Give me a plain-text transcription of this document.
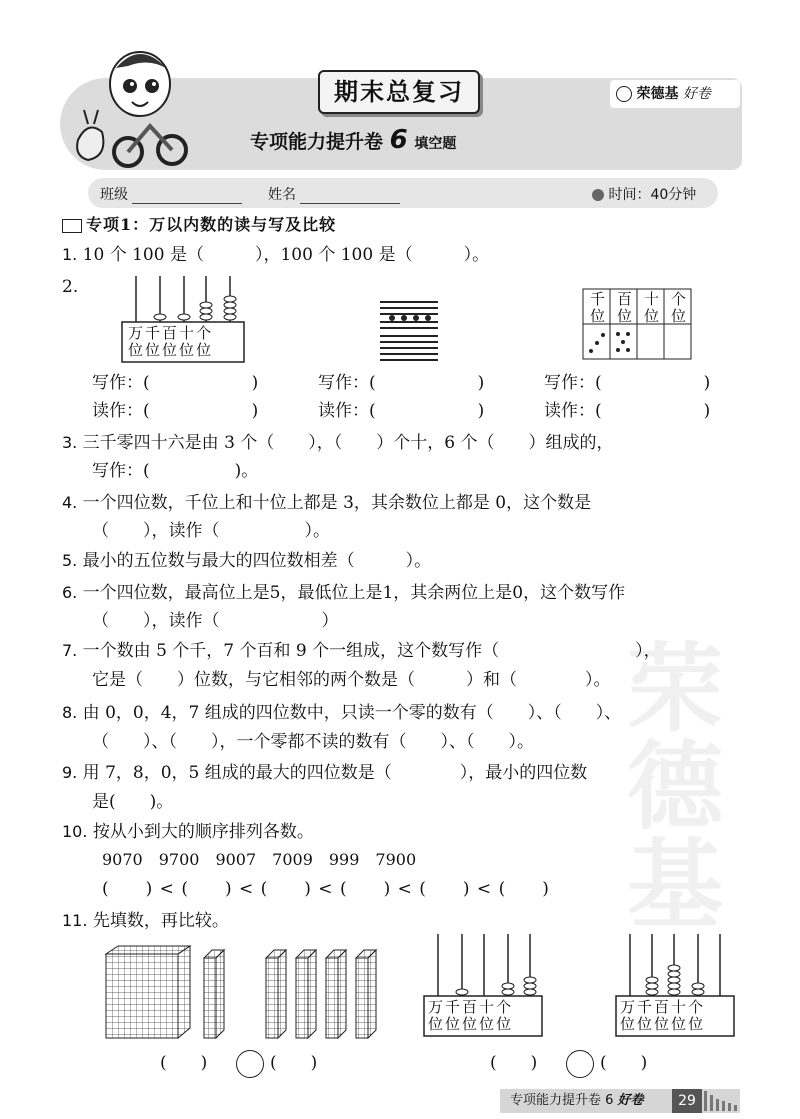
荣
德
基
期末总复习
专项能力提升卷 6 填空题
荣德基 好卷
班级	姓名	时间：40分钟
专项1：万以内数的读与写及比较
1. 10 个 100 是（　　　），100 个 100 是（　　　）。
2.
万千百十个
位位位位位
千 百 十 个
位 位 位 位
写作：(　　　　　　)	写作：(　　　　　　)	写作：(　　　　　　)
读作：(　　　　　　)	读作：(　　　　　　)	读作：(　　　　　　)
3. 三千零四十六是由 3 个（　　），（　　）个十，6 个（　　）组成的，
写作：(　　　　　)。
4. 一个四位数，千位上和十位上都是 3，其余数位上都是 0，这个数是
（　　），读作（　　　　　）。
5. 最小的五位数与最大的四位数相差（　　　）。
6. 一个四位数，最高位上是5，最低位上是1，其余两位上是0，这个数写作
（　　），读作（　　　　　　）
7. 一个数由 5 个千，7 个百和 9 个一组成，这个数写作（　　　　　　　　），
它是（　　）位数，与它相邻的两个数是（　　　）和（　　　　）。
8. 由 0，0，4，7 组成的四位数中，只读一个零的数有（　　）、（　　）、
（　　）、（　　），一个零都不读的数有（　　）、（　　）。
9. 用 7，8，0，5 组成的最大的四位数是（　　　　），最小的四位数
是(　　)。
10. 按从小到大的顺序排列各数。
9070　9700　9007　7009　999　7900
(　　) < (　　) < (　　) < (　　) < (　　) < (　　)
11. 先填数，再比较。
万千百十个
位位位位位
万千百十个
位位位位位
(　　)	(　　)	(　　)	(　　)
专项能力提升卷 6 好卷	29
